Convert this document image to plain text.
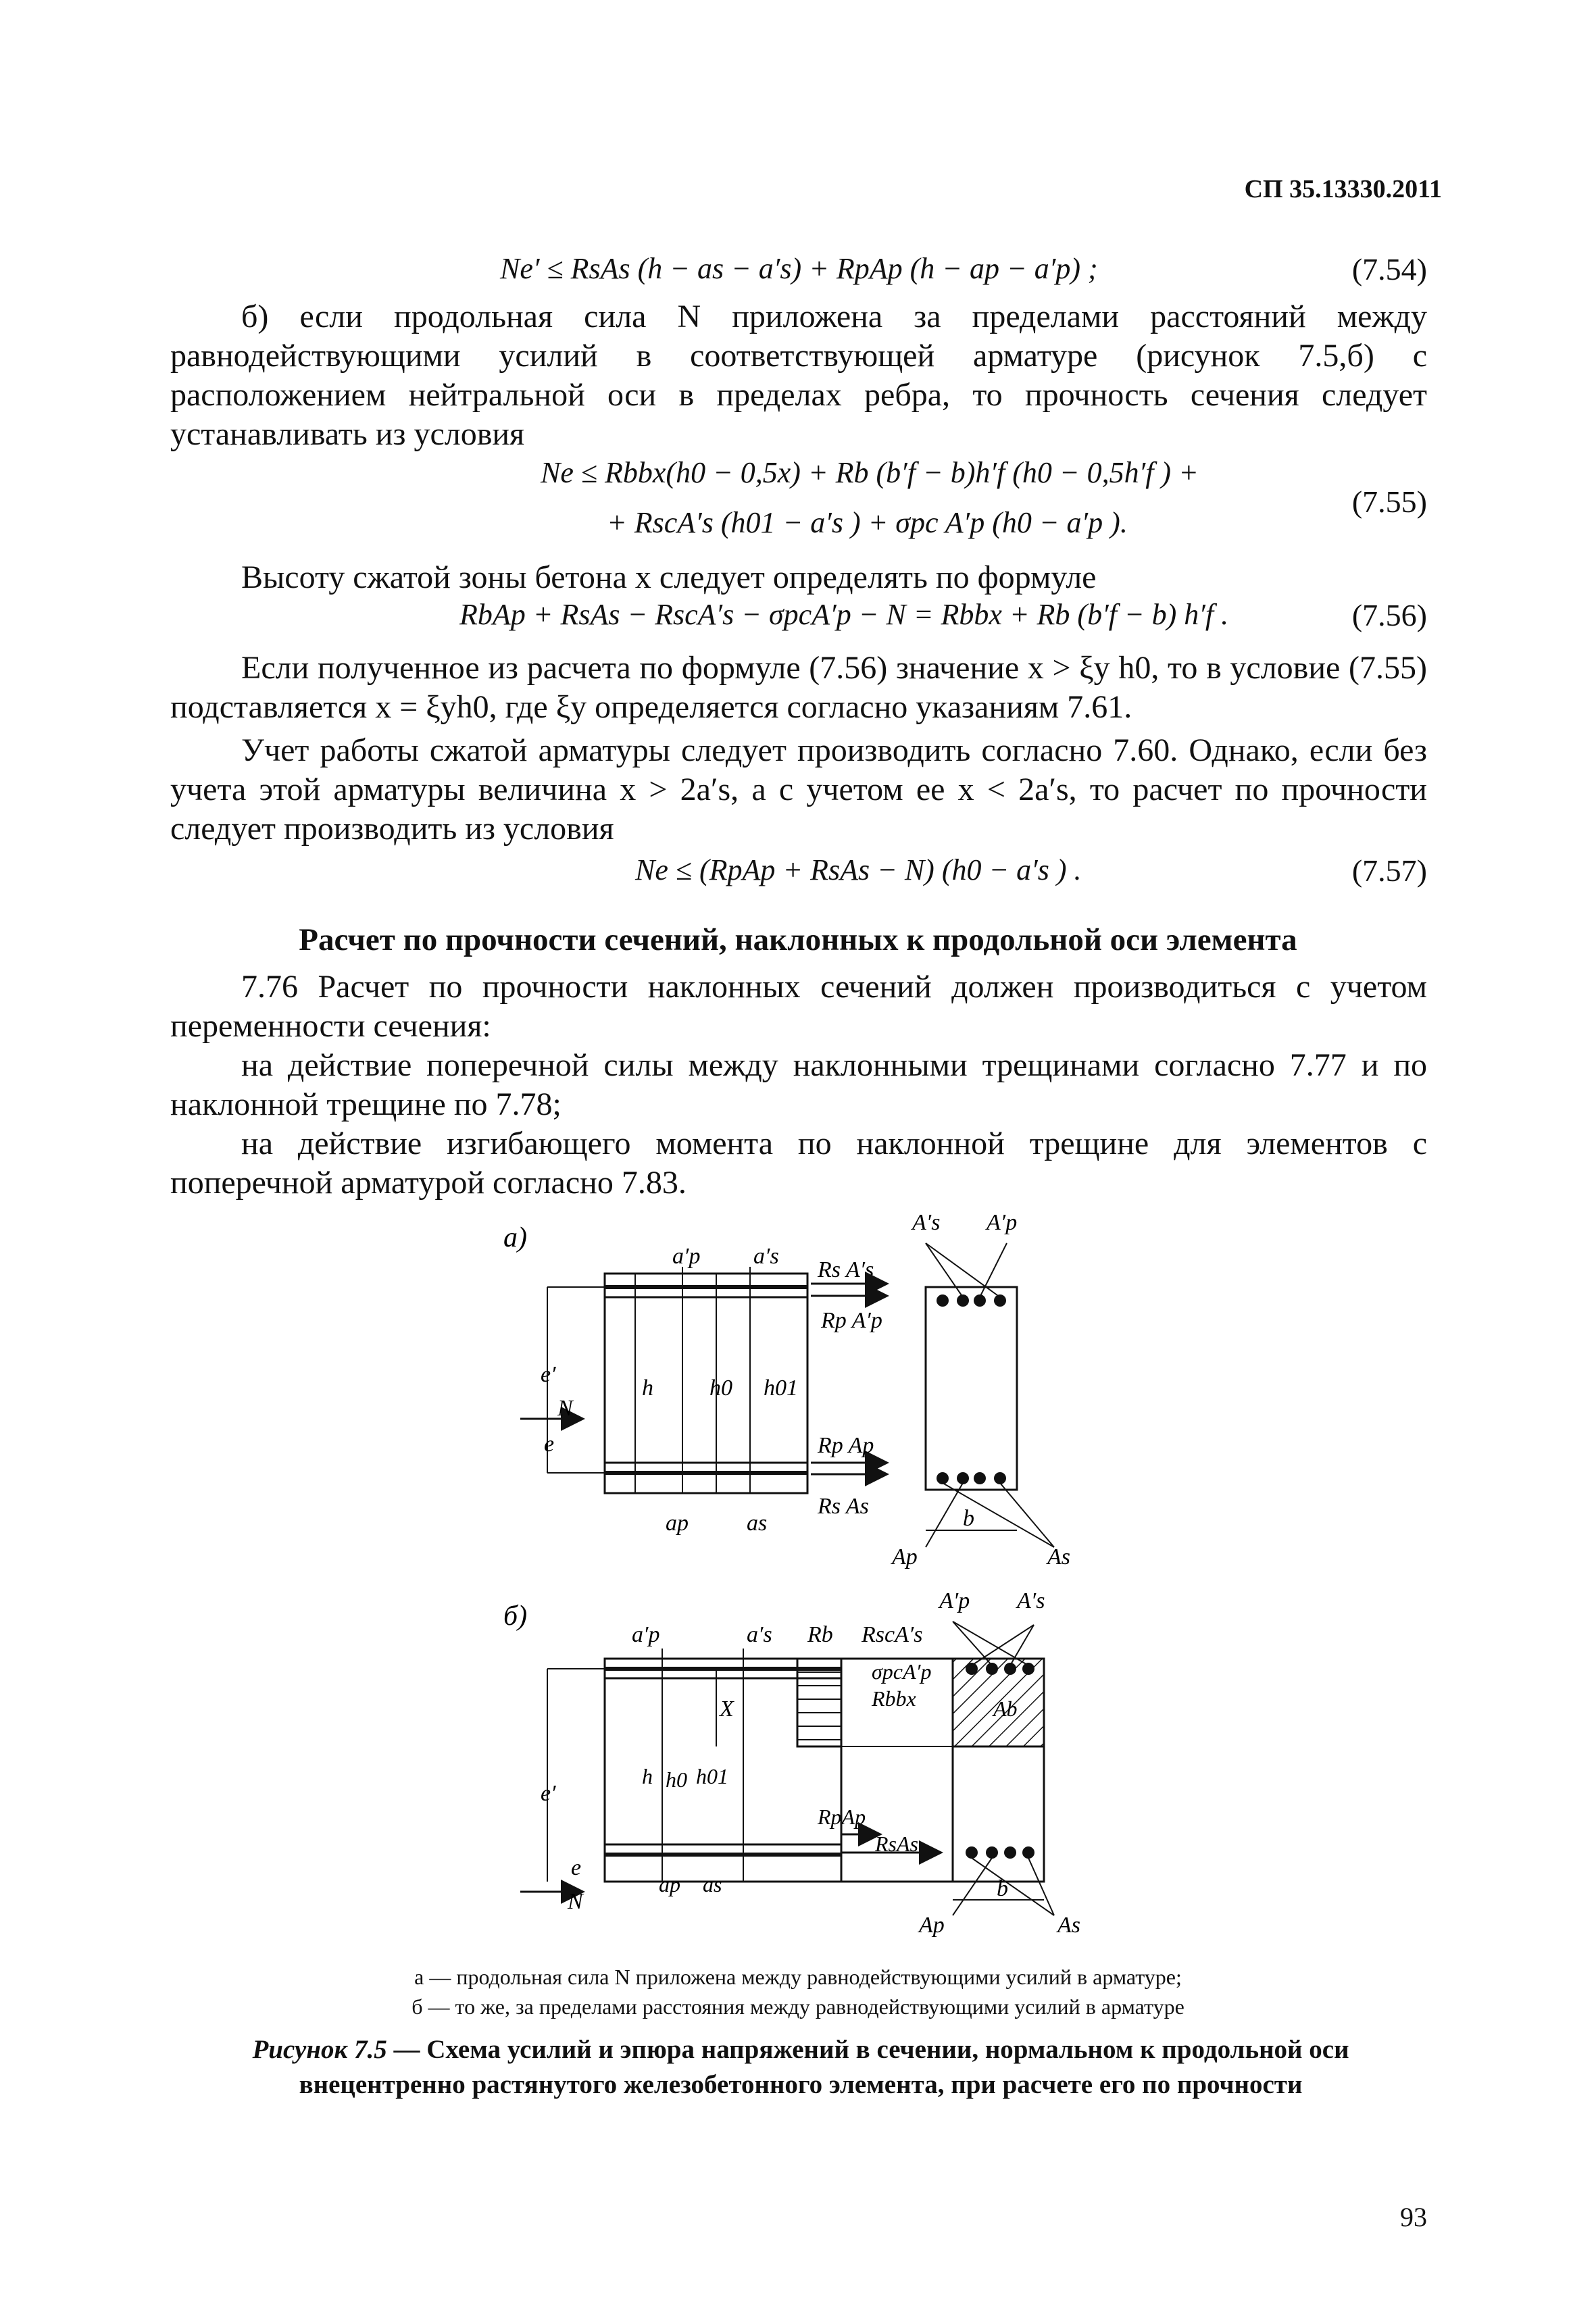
СП 35.13330.2011
Ne′ ≤ RsAs (h − as − a′s) + RpAp (h − ap − a′p) ;	(7.54)
б) если продольная сила N приложена за пределами расстояний между равнодействующими усилий в соответствующей арматуре (рисунок 7.5,б) с расположением нейтральной оси в пределах ребра, то прочность сечения следует устанавливать из условия
Ne ≤ Rbbx(h0 − 0,5x) + Rb (b′f − b)h′f (h0 − 0,5h′f ) +
+ RscA′s (h01 − a′s ) + σpc A′p (h0 − a′p ).
(7.55)
Высоту сжатой зоны бетона x следует определять по формуле
RbAp + RsAs − RscA′s − σpcA′p − N = Rbbx + Rb (b′f − b) h′f .	(7.56)
Если полученное из расчета по формуле (7.56) значение x > ξy h0, то в условие (7.55) подставляется x = ξyh0, где ξy определяется согласно указаниям 7.61.
Учет работы сжатой арматуры следует производить согласно 7.60. Однако, если без учета этой арматуры величина x > 2a′s, а с учетом ее x < 2a′s, то расчет по прочности следует производить из условия
Ne ≤ (RpAp + RsAs − N) (h0 − a′s ) .	(7.57)
Расчет по прочности сечений, наклонных к продольной оси элемента
7.76 Расчет по прочности наклонных сечений должен производиться с учетом переменности сечения:
на действие поперечной силы между наклонными трещинами согласно 7.77 и по наклонной трещине по 7.78;
на действие изгибающего момента по наклонной трещине для элементов с поперечной арматурой согласно 7.83.
а)
a′p a′s
Rs A′s
Rp A′p
h h0 h01
e′
N
e	Rp Ap
Rs As
ap	as
A′s A′p
b
Ap	As
б)
a′p	a′s Rb RscA′s
σpcA′p
Rbbx
X
h h0 h01
e′
e
N
ap as
RpAp
RsAs
A′p A′s
Ab
b
Ap	As
а — продольная сила N приложена между равнодействующими усилий в арматуре;
б — то же, за пределами расстояния между равнодействующими усилий в арматуре
Рисунок 7.5 — Схема усилий и эпюра напряжений в сечении, нормальном к продольной оси внецентренно растянутого железобетонного элемента, при расчете его по прочности
93
